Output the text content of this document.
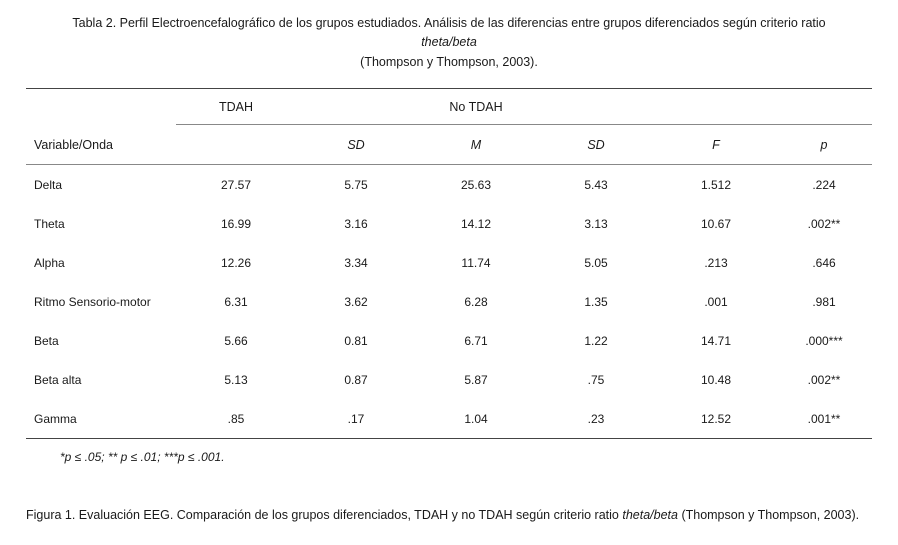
Tabla 2. Perfil Electroencefalográfico de los grupos estudiados. Análisis de las diferencias entre grupos diferenciados según criterio ratio theta/beta
(Thompson y Thompson, 2003).
	TDAH		No TDAH			
Variable/Onda		SD	M	SD	F	p
Delta	27.57	5.75	25.63	5.43	1.512	.224
Theta	16.99	3.16	14.12	3.13	10.67	.002**
Alpha	12.26	3.34	11.74	5.05	.213	.646
Ritmo Sensorio-motor	6.31	3.62	6.28	1.35	.001	.981
Beta	5.66	0.81	6.71	1.22	14.71	.000***
Beta alta	5.13	0.87	5.87	.75	10.48	.002**
Gamma	.85	.17	1.04	.23	12.52	.001**
*p ≤ .05; ** p ≤ .01; ***p ≤ .001.
Figura 1. Evaluación EEG. Comparación de los grupos diferenciados, TDAH y no TDAH según criterio ratio theta/beta (Thompson y Thompson, 2003).
